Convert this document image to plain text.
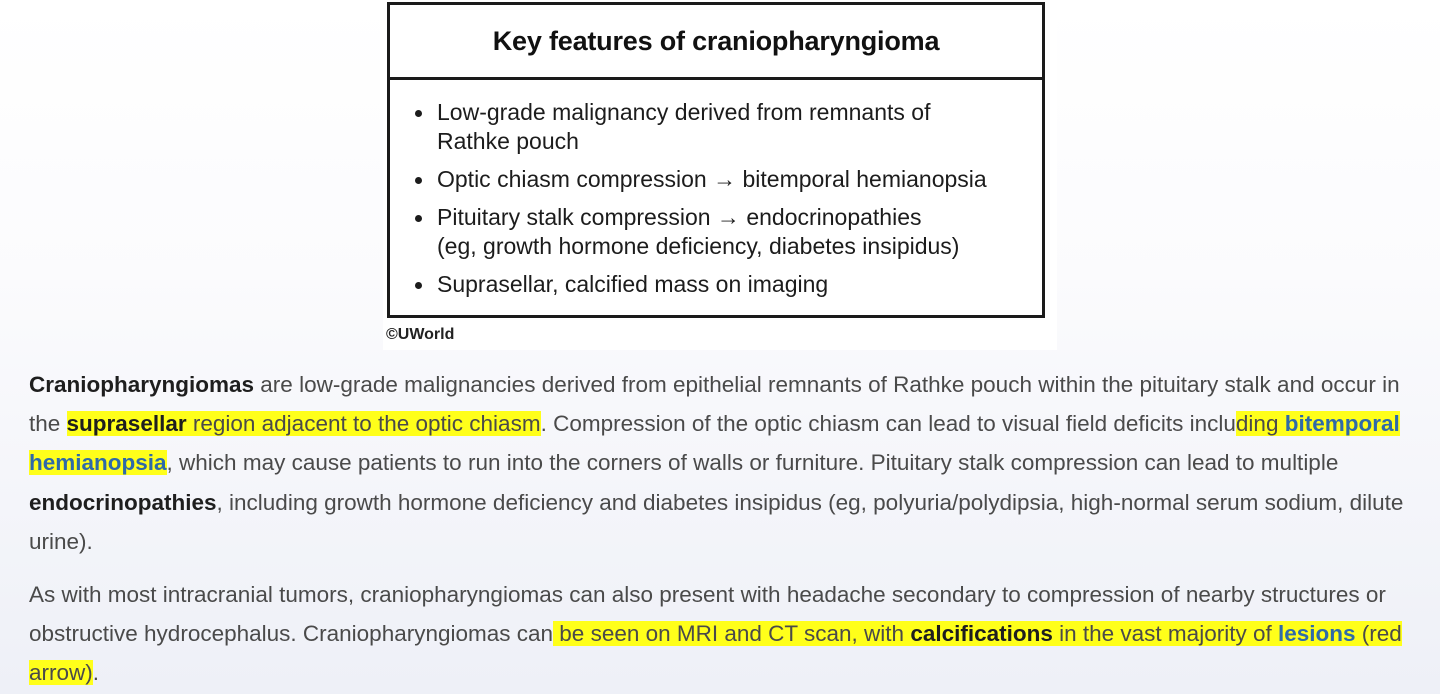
Key features of craniopharyngioma
Low-grade malignancy derived from remnants of
Rathke pouch
Optic chiasm compression → bitemporal hemianopsia
Pituitary stalk compression → endocrinopathies
(eg, growth hormone deficiency, diabetes insipidus)
Suprasellar, calcified mass on imaging
©UWorld

Craniopharyngiomas are low-grade malignancies derived from epithelial remnants of Rathke pouch within the pituitary stalk and occur in the suprasellar region adjacent to the optic chiasm. Compression of the optic chiasm can lead to visual field deficits including bitemporal hemianopsia, which may cause patients to run into the corners of walls or furniture. Pituitary stalk compression can lead to multiple endocrinopathies, including growth hormone deficiency and diabetes insipidus (eg, polyuria/polydipsia, high-normal serum sodium, dilute urine).

As with most intracranial tumors, craniopharyngiomas can also present with headache secondary to compression of nearby structures or obstructive hydrocephalus. Craniopharyngiomas can be seen on MRI and CT scan, with calcifications in the vast majority of lesions (red arrow).
